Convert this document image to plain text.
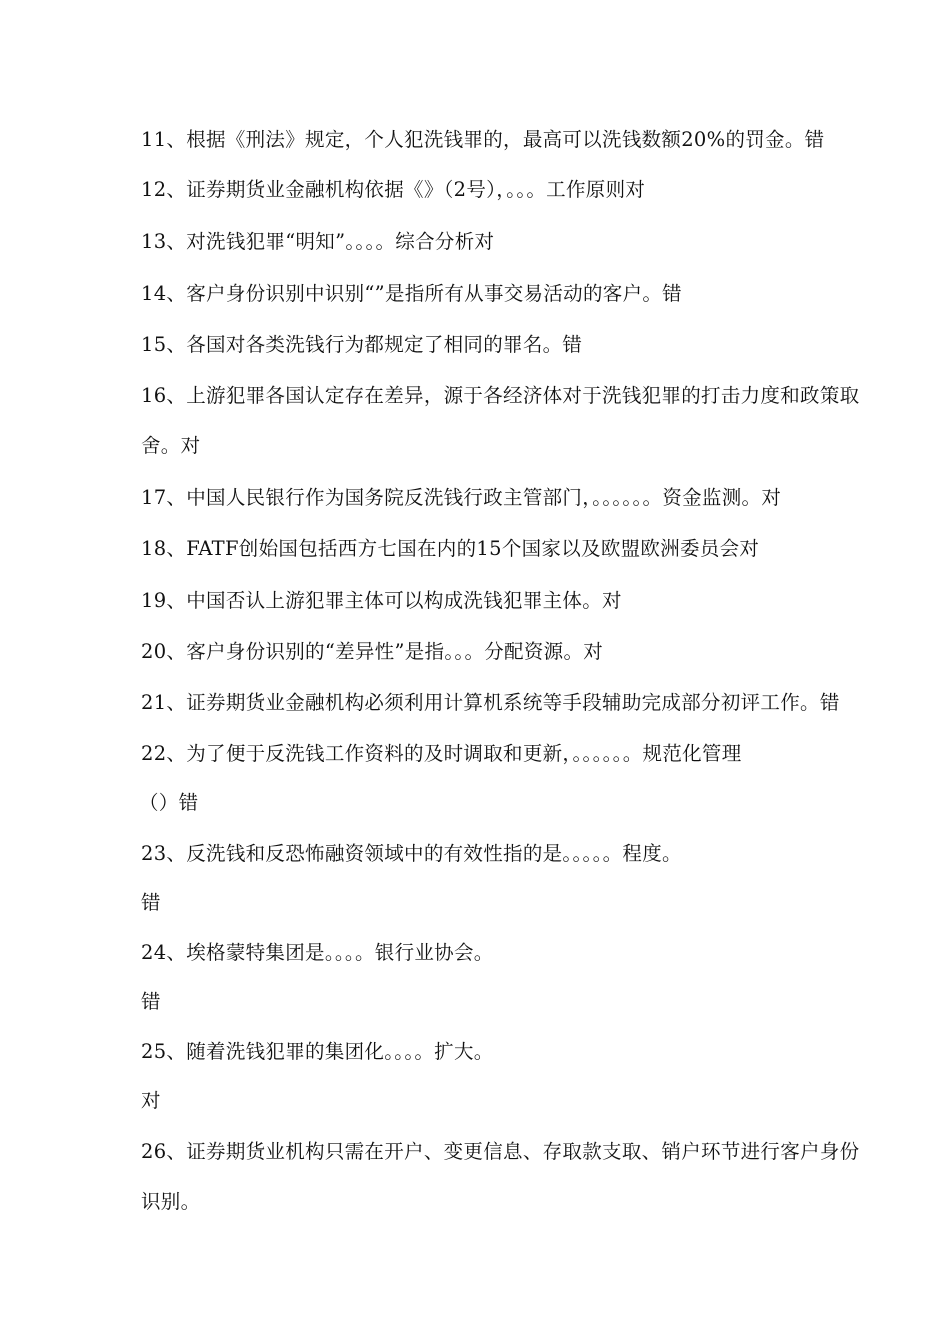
11、根据《刑法》规定，个人犯洗钱罪的，最高可以洗钱数额20%的罚金。错
12、证券期货业金融机构依据《》（2号），。。。工作原则对
13、对洗钱犯罪“明知”。。。。综合分析对
14、客户身份识别中识别“”是指所有从事交易活动的客户。错
15、各国对各类洗钱行为都规定了相同的罪名。错
16、上游犯罪各国认定存在差异，源于各经济体对于洗钱犯罪的打击力度和政策取
舍。对
17、中国人民银行作为国务院反洗钱行政主管部门，。。。。。。资金监测。对
18、FATF创始国包括西方七国在内的15个国家以及欧盟欧洲委员会对
19、中国否认上游犯罪主体可以构成洗钱犯罪主体。对
20、客户身份识别的“差异性”是指。。。分配资源。对
21、证券期货业金融机构必须利用计算机系统等手段辅助完成部分初评工作。错
22、为了便于反洗钱工作资料的及时调取和更新，。。。。。。规范化管理
（）错
23、反洗钱和反恐怖融资领域中的有效性指的是。。。。。程度。
错
24、埃格蒙特集团是。。。。银行业协会。
错
25、随着洗钱犯罪的集团化。。。。扩大。
对
26、证券期货业机构只需在开户、变更信息、存取款支取、销户环节进行客户身份
识别。
